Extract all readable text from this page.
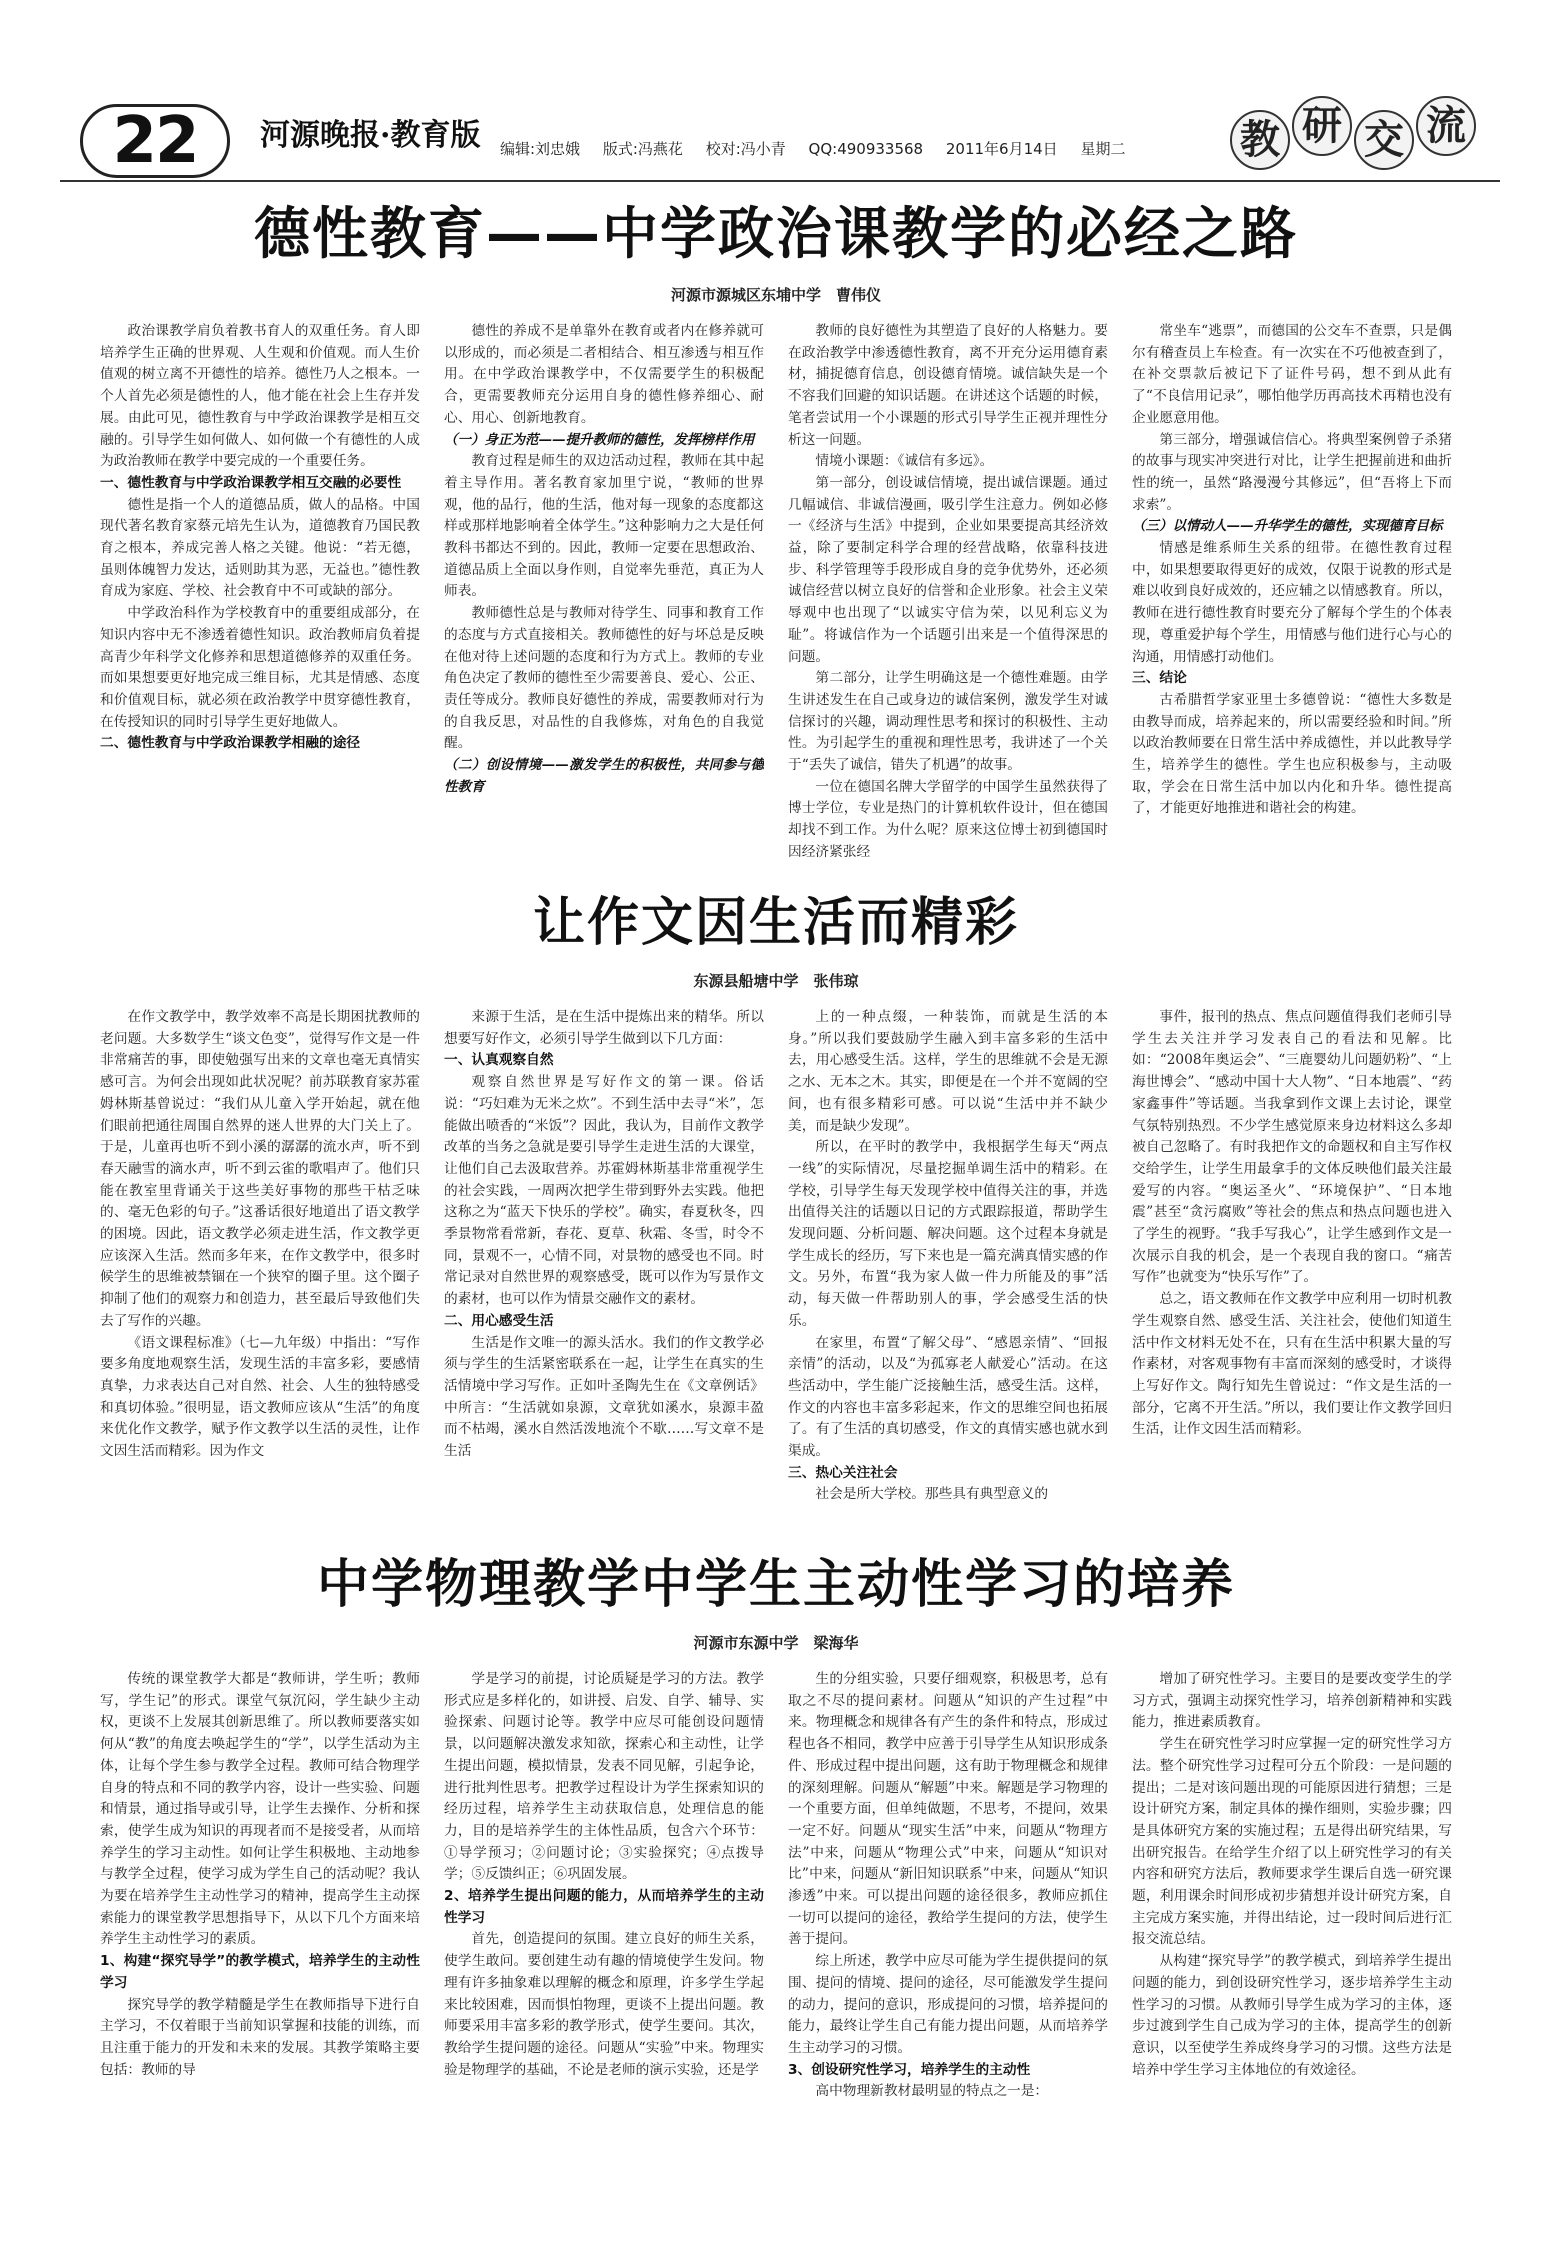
22	河源晚报·教育版 编辑:刘忠娥 版式:冯燕花 校对:冯小青 QQ:490933568 2011年6月14日 星期二	教 研 交 流
德性教育——中学政治课教学的必经之路
河源市源城区东埔中学　曹伟仪

政治课教学肩负着教书育人的双重任务。育人即培养学生正确的世界观、人生观和价值观。而人生价值观的树立离不开德性的培养。德性乃人之根本。一个人首先必须是德性的人，他才能在社会上生存并发展。由此可见，德性教育与中学政治课教学是相互交融的。引导学生如何做人、如何做一个有德性的人成为政治教师在教学中要完成的一个重要任务。

一、德性教育与中学政治课教学相互交融的必要性

德性是指一个人的道德品质，做人的品格。中国现代著名教育家蔡元培先生认为，道德教育乃国民教育之根本，养成完善人格之关键。他说：“若无德，虽则体魄智力发达，适则助其为恶，无益也。”德性教育成为家庭、学校、社会教育中不可或缺的部分。

中学政治科作为学校教育中的重要组成部分，在知识内容中无不渗透着德性知识。政治教师肩负着提高青少年科学文化修养和思想道德修养的双重任务。而如果想要更好地完成三维目标，尤其是情感、态度和价值观目标，就必须在政治教学中贯穿德性教育，在传授知识的同时引导学生更好地做人。

二、德性教育与中学政治课教学相融的途径

德性的养成不是单靠外在教育或者内在修养就可以形成的，而必须是二者相结合、相互渗透与相互作用。在中学政治课教学中，不仅需要学生的积极配合，更需要教师充分运用自身的德性修养细心、耐心、用心、创新地教育。

（一）身正为范——提升教师的德性，发挥榜样作用

教育过程是师生的双边活动过程，教师在其中起着主导作用。著名教育家加里宁说，“教师的世界观，他的品行，他的生活，他对每一现象的态度都这样或那样地影响着全体学生。”这种影响力之大是任何教科书都达不到的。因此，教师一定要在思想政治、道德品质上全面以身作则，自觉率先垂范，真正为人师表。

教师德性总是与教师对待学生、同事和教育工作的态度与方式直接相关。教师德性的好与坏总是反映在他对待上述问题的态度和行为方式上。教师的专业角色决定了教师的德性至少需要善良、爱心、公正、责任等成分。教师良好德性的养成，需要教师对行为的自我反思，对品性的自我修炼，对角色的自我觉醒。

（二）创设情境——激发学生的积极性，共同参与德性教育

教师的良好德性为其塑造了良好的人格魅力。要在政治教学中渗透德性教育，离不开充分运用德育素材，捕捉德育信息，创设德育情境。诚信缺失是一个不容我们回避的知识话题。在讲述这个话题的时候，笔者尝试用一个小课题的形式引导学生正视并理性分析这一问题。

情境小课题：《诚信有多远》。

第一部分，创设诚信情境，提出诚信课题。通过几幅诚信、非诚信漫画，吸引学生注意力。例如必修一《经济与生活》中提到，企业如果要提高其经济效益，除了要制定科学合理的经营战略，依靠科技进步、科学管理等手段形成自身的竞争优势外，还必须诚信经营以树立良好的信誉和企业形象。社会主义荣辱观中也出现了“以诚实守信为荣，以见利忘义为耻”。将诚信作为一个话题引出来是一个值得深思的问题。

第二部分，让学生明确这是一个德性难题。由学生讲述发生在自己或身边的诚信案例，激发学生对诚信探讨的兴趣，调动理性思考和探讨的积极性、主动性。为引起学生的重视和理性思考，我讲述了一个关于“丢失了诚信，错失了机遇”的故事。

一位在德国名牌大学留学的中国学生虽然获得了博士学位，专业是热门的计算机软件设计，但在德国却找不到工作。为什么呢？原来这位博士初到德国时因经济紧张经

常坐车“逃票”，而德国的公交车不查票，只是偶尔有稽查员上车检查。有一次实在不巧他被查到了，在补交票款后被记下了证件号码，想不到从此有了“不良信用记录”，哪怕他学历再高技术再精也没有企业愿意用他。

第三部分，增强诚信信心。将典型案例曾子杀猪的故事与现实冲突进行对比，让学生把握前进和曲折性的统一，虽然“路漫漫兮其修远”，但“吾将上下而求索”。

（三）以情动人——升华学生的德性，实现德育目标

情感是维系师生关系的纽带。在德性教育过程中，如果想要取得更好的成效，仅限于说教的形式是难以收到良好成效的，还应辅之以情感教育。所以，教师在进行德性教育时要充分了解每个学生的个体表现，尊重爱护每个学生，用情感与他们进行心与心的沟通，用情感打动他们。

三、结论

古希腊哲学家亚里士多德曾说：“德性大多数是由教导而成，培养起来的，所以需要经验和时间。”所以政治教师要在日常生活中养成德性，并以此教导学生，培养学生的德性。学生也应积极参与，主动吸取，学会在日常生活中加以内化和升华。德性提高了，才能更好地推进和谐社会的构建。

让作文因生活而精彩
东源县船塘中学　张伟琼

在作文教学中，教学效率不高是长期困扰教师的老问题。大多数学生“谈文色变”，觉得写作文是一件非常痛苦的事，即使勉强写出来的文章也毫无真情实感可言。为何会出现如此状况呢？前苏联教育家苏霍姆林斯基曾说过：“我们从儿童入学开始起，就在他们眼前把通往周围自然界的迷人世界的大门关上了。于是，儿童再也听不到小溪的潺潺的流水声，听不到春天融雪的滴水声，听不到云雀的歌唱声了。他们只能在教室里背诵关于这些美好事物的那些干枯乏味的、毫无色彩的句子。”这番话很好地道出了语文教学的困境。因此，语文教学必须走进生活，作文教学更应该深入生活。然而多年来，在作文教学中，很多时候学生的思维被禁锢在一个狭窄的圈子里。这个圈子抑制了他们的观察力和创造力，甚至最后导致他们失去了写作的兴趣。

《语文课程标准》（七—九年级）中指出：“写作要多角度地观察生活，发现生活的丰富多彩，要感情真挚，力求表达自己对自然、社会、人生的独特感受和真切体验。”很明显，语文教师应该从“生活”的角度来优化作文教学，赋予作文教学以生活的灵性，让作文因生活而精彩。因为作文

来源于生活，是在生活中提炼出来的精华。所以想要写好作文，必须引导学生做到以下几方面：

一、认真观察自然

观察自然世界是写好作文的第一课。俗话说：“巧妇难为无米之炊”。不到生活中去寻“米”，怎能做出喷香的“米饭”？因此，我认为，目前作文教学改革的当务之急就是要引导学生走进生活的大课堂，让他们自己去汲取营养。苏霍姆林斯基非常重视学生的社会实践，一周两次把学生带到野外去实践。他把这称之为“蓝天下快乐的学校”。确实，春夏秋冬，四季景物常看常新，春花、夏草、秋霜、冬雪，时令不同，景观不一，心情不同，对景物的感受也不同。时常记录对自然世界的观察感受，既可以作为写景作文的素材，也可以作为情景交融作文的素材。

二、用心感受生活

生活是作文唯一的源头活水。我们的作文教学必须与学生的生活紧密联系在一起，让学生在真实的生活情境中学习写作。正如叶圣陶先生在《文章例话》中所言：“生活就如泉源，文章犹如溪水，泉源丰盈而不枯竭，溪水自然活泼地流个不歇……写文章不是生活

上的一种点缀，一种装饰，而就是生活的本身。”所以我们要鼓励学生融入到丰富多彩的生活中去，用心感受生活。这样，学生的思维就不会是无源之水、无本之木。其实，即便是在一个并不宽阔的空间，也有很多精彩可感。可以说“生活中并不缺少美，而是缺少发现”。

所以，在平时的教学中，我根据学生每天“两点一线”的实际情况，尽量挖掘单调生活中的精彩。在学校，引导学生每天发现学校中值得关注的事，并选出值得关注的话题以日记的方式跟踪报道，帮助学生发现问题、分析问题、解决问题。这个过程本身就是学生成长的经历，写下来也是一篇充满真情实感的作文。另外，布置“我为家人做一件力所能及的事”活动，每天做一件帮助别人的事，学会感受生活的快乐。

在家里，布置“了解父母”、“感恩亲情”、“回报亲情”的活动，以及“为孤寡老人献爱心”活动。在这些活动中，学生能广泛接触生活，感受生活。这样，作文的内容也丰富多彩起来，作文的思维空间也拓展了。有了生活的真切感受，作文的真情实感也就水到渠成。

三、热心关注社会

社会是所大学校。那些具有典型意义的

事件，报刊的热点、焦点问题值得我们老师引导学生去关注并学习发表自己的看法和见解。比如：“2008年奥运会”、“三鹿婴幼儿问题奶粉”、“上海世博会”、“感动中国十大人物”、“日本地震”、“药家鑫事件”等话题。当我拿到作文课上去讨论，课堂气氛特别热烈。不少学生感觉原来身边材料这么多却被自己忽略了。有时我把作文的命题权和自主写作权交给学生，让学生用最拿手的文体反映他们最关注最爱写的内容。“奥运圣火”、“环境保护”、“日本地震”甚至“贪污腐败”等社会的焦点和热点问题也进入了学生的视野。“我手写我心”，让学生感到作文是一次展示自我的机会，是一个表现自我的窗口。“痛苦写作”也就变为“快乐写作”了。

总之，语文教师在作文教学中应利用一切时机教学生观察自然、感受生活、关注社会，使他们知道生活中作文材料无处不在，只有在生活中积累大量的写作素材，对客观事物有丰富而深刻的感受时，才谈得上写好作文。陶行知先生曾说过：“作文是生活的一部分，它离不开生活。”所以，我们要让作文教学回归生活，让作文因生活而精彩。

中学物理教学中学生主动性学习的培养
河源市东源中学　梁海华

传统的课堂教学大都是“教师讲，学生听；教师写，学生记”的形式。课堂气氛沉闷，学生缺少主动权，更谈不上发展其创新思维了。所以教师要落实如何从“教”的角度去唤起学生的“学”，以学生活动为主体，让每个学生参与教学全过程。教师可结合物理学自身的特点和不同的教学内容，设计一些实验、问题和情景，通过指导或引导，让学生去操作、分析和探索，使学生成为知识的再现者而不是接受者，从而培养学生的学习主动性。如何让学生积极地、主动地参与教学全过程，使学习成为学生自己的活动呢？我认为要在培养学生主动性学习的精神，提高学生主动探索能力的课堂教学思想指导下，从以下几个方面来培养学生主动性学习的素质。

1、构建“探究导学”的教学模式，培养学生的主动性学习

探究导学的教学精髓是学生在教师指导下进行自主学习，不仅着眼于当前知识掌握和技能的训练，而且注重于能力的开发和未来的发展。其教学策略主要包括：教师的导

学是学习的前提，讨论质疑是学习的方法。教学形式应是多样化的，如讲授、启发、自学、辅导、实验探索、问题讨论等。教学中应尽可能创设问题情景，以问题解决激发求知欲，探索心和主动性，让学生提出问题，模拟情景，发表不同见解，引起争论，进行批判性思考。把教学过程设计为学生探索知识的经历过程，培养学生主动获取信息，处理信息的能力，目的是培养学生的主体性品质，包含六个环节：①导学预习；②问题讨论；③实验探究；④点拨导学；⑤反馈纠正；⑥巩固发展。

2、培养学生提出问题的能力，从而培养学生的主动性学习

首先，创造提问的氛围。建立良好的师生关系，使学生敢问。要创建生动有趣的情境使学生发问。物理有许多抽象难以理解的概念和原理，许多学生学起来比较困难，因而惧怕物理，更谈不上提出问题。教师要采用丰富多彩的教学形式，使学生要问。其次，教给学生提问题的途径。问题从“实验”中来。物理实验是物理学的基础，不论是老师的演示实验，还是学

生的分组实验，只要仔细观察，积极思考，总有取之不尽的提问素材。问题从“知识的产生过程”中来。物理概念和规律各有产生的条件和特点，形成过程也各不相同，教学中应善于引导学生从知识形成条件、形成过程中提出问题，这有助于物理概念和规律的深刻理解。问题从“解题”中来。解题是学习物理的一个重要方面，但单纯做题，不思考，不提问，效果一定不好。问题从“现实生活”中来，问题从“物理方法”中来，问题从“物理公式”中来，问题从“知识对比”中来，问题从“新旧知识联系”中来，问题从“知识渗透”中来。可以提出问题的途径很多，教师应抓住一切可以提问的途径，教给学生提问的方法，使学生善于提问。

综上所述，教学中应尽可能为学生提供提问的氛围、提问的情境、提问的途径，尽可能激发学生提问的动力，提问的意识，形成提问的习惯，培养提问的能力，最终让学生自己有能力提出问题，从而培养学生主动学习的习惯。

3、创设研究性学习，培养学生的主动性

高中物理新教材最明显的特点之一是：

增加了研究性学习。主要目的是要改变学生的学习方式，强调主动探究性学习，培养创新精神和实践能力，推进素质教育。

学生在研究性学习时应掌握一定的研究性学习方法。整个研究性学习过程可分五个阶段：一是问题的提出；二是对该问题出现的可能原因进行猜想；三是设计研究方案，制定具体的操作细则，实验步骤；四是具体研究方案的实施过程；五是得出研究结果，写出研究报告。在给学生介绍了以上研究性学习的有关内容和研究方法后，教师要求学生课后自选一研究课题，利用课余时间形成初步猜想并设计研究方案，自主完成方案实施，并得出结论，过一段时间后进行汇报交流总结。

从构建“探究导学”的教学模式，到培养学生提出问题的能力，到创设研究性学习，逐步培养学生主动性学习的习惯。从教师引导学生成为学习的主体，逐步过渡到学生自己成为学习的主体，提高学生的创新意识，以至使学生养成终身学习的习惯。这些方法是培养中学生学习主体地位的有效途径。
